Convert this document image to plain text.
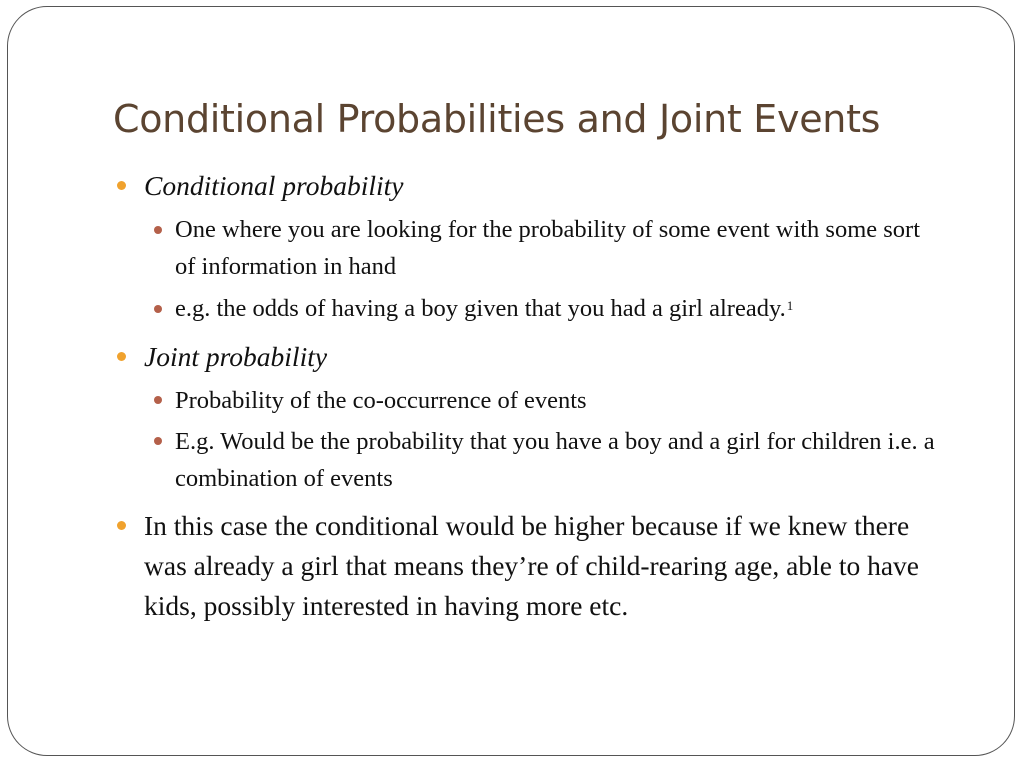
Conditional Probabilities and Joint Events

Conditional probability

One where you are looking for the probability of some event with some sort of information in hand

e.g. the odds of having a boy given that you had a girl already.$^1$

Joint probability

Probability of the co-occurrence of events

E.g. Would be the probability that you have a boy and a girl for children i.e. a combination of events

In this case the conditional would be higher because if we knew there was already a girl that means they’re of child-rearing age, able to have kids, possibly interested in having more etc.
